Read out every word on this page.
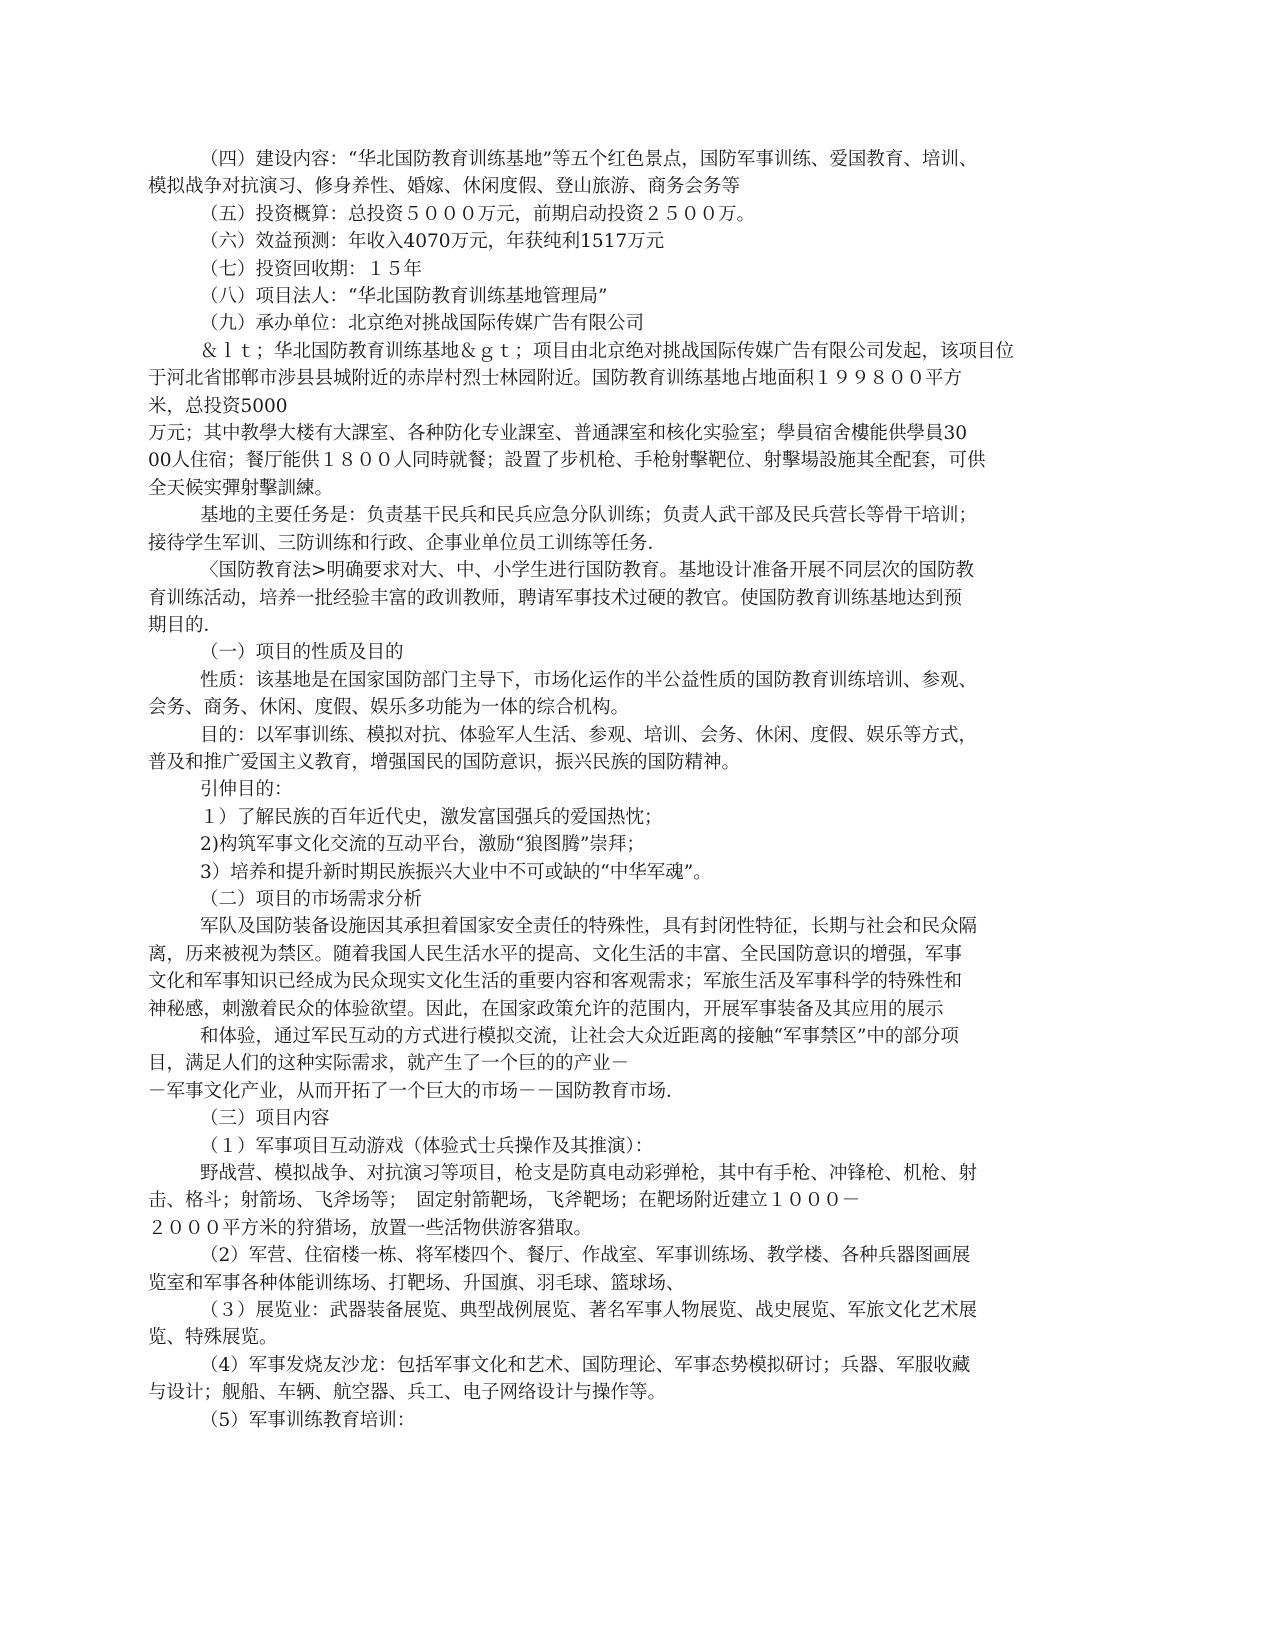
（四）建设内容：“华北国防教育训练基地”等五个红色景点，国防军事训练、爱国教育、培训、

模拟战争对抗演习、修身养性、婚嫁、休闲度假、登山旅游、商务会务等

（五）投资概算：总投资５０００万元，前期启动投资２５００万。

（六）效益预测：年收入4070万元，年获纯利1517万元

（七）投资回收期：１５年

（八）项目法人：“华北国防教育训练基地管理局”

（九）承办单位：北京绝对挑战国际传媒广告有限公司

＆ｌｔ；华北国防教育训练基地＆ｇｔ；项目由北京绝对挑战国际传媒广告有限公司发起，该项目位

于河北省邯郸市涉县县城附近的赤岸村烈士林园附近。国防教育训练基地占地面积１９９８００平方

米，总投资5000

万元；其中教學大楼有大課室、各种防化专业課室、普通課室和核化实验室；學員宿舍樓能供學員30

00人住宿；餐厅能供１８００人同時就餐；設置了步机枪、手枪射擊靶位、射擊場設施其全配套，可供

全天候实彈射擊訓練。

基地的主要任务是：负责基干民兵和民兵应急分队训练；负责人武干部及民兵营长等骨干培训；

接待学生军训、三防训练和行政、企事业单位员工训练等任务．

〈国防教育法>明确要求对大、中、小学生进行国防教育。基地设计准备开展不同层次的国防教

育训练活动，培养一批经验丰富的政训教师，聘请军事技术过硬的教官。使国防教育训练基地达到预

期目的．

（一）项目的性质及目的

性质：该基地是在国家国防部门主导下，市场化运作的半公益性质的国防教育训练培训、参观、

会务、商务、休闲、度假、娱乐多功能为一体的综合机构。

目的：以军事训练、模拟对抗、体验军人生活、参观、培训、会务、休闲、度假、娱乐等方式，

普及和推广爱国主义教育，增强国民的国防意识，振兴民族的国防精神。

引伸目的：

１）了解民族的百年近代史，激发富国强兵的爱国热忱；

2)构筑军事文化交流的互动平台，激励“狼图腾”崇拜；

3）培养和提升新时期民族振兴大业中不可或缺的“中华军魂”。

（二）项目的市场需求分析

军队及国防装备设施因其承担着国家安全责任的特殊性，具有封闭性特征，长期与社会和民众隔

离，历来被视为禁区。随着我国人民生活水平的提高、文化生活的丰富、全民国防意识的增强，军事

文化和军事知识已经成为民众现实文化生活的重要内容和客观需求；军旅生活及军事科学的特殊性和

神秘感，刺激着民众的体验欲望。因此，在国家政策允许的范围内，开展军事装备及其应用的展示

和体验，通过军民互动的方式进行模拟交流，让社会大众近距离的接触“军事禁区”中的部分项

目，满足人们的这种实际需求，就产生了一个巨的的产业－

－军事文化产业，从而开拓了一个巨大的市场－－国防教育市场．

（三）项目内容

（１）军事项目互动游戏（体验式士兵操作及其推演）：

野战营、模拟战争、对抗演习等项目，枪支是防真电动彩弹枪，其中有手枪、冲锋枪、机枪、射

击、格斗；射箭场、飞斧场等；　固定射箭靶场，飞斧靶场；在靶场附近建立１０００－

２０００平方米的狩猎场，放置一些活物供游客猎取。

（2）军营、住宿楼一栋、将军楼四个、餐厅、作战室、军事训练场、教学楼、各种兵器图画展

览室和军事各种体能训练场、打靶场、升国旗、羽毛球、篮球场、

（３）展览业：武器装备展览、典型战例展览、著名军事人物展览、战史展览、军旅文化艺术展

览、特殊展览。

（4）军事发烧友沙龙：包括军事文化和艺术、国防理论、军事态势模拟研讨；兵器、军服收藏

与设计；舰船、车辆、航空器、兵工、电子网络设计与操作等。

（5）军事训练教育培训：
